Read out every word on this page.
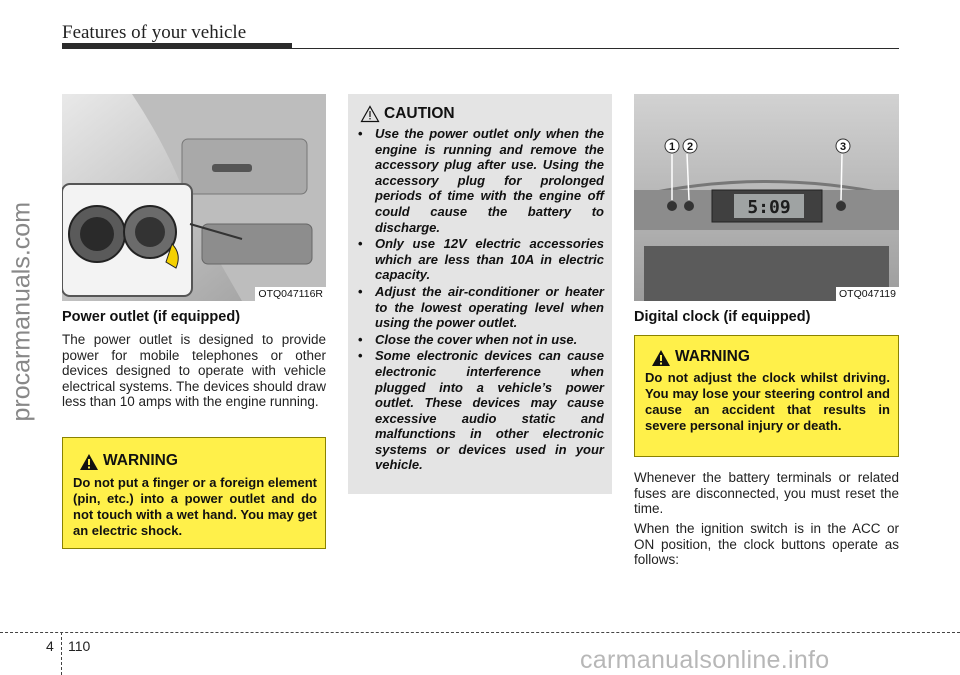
Features of your vehicle
procarmanuals.com	OTQ047116R
Power outlet (if equipped)
The power outlet is designed to provide power for mobile telephones or other devices designed to operate with vehicle electrical systems. The devices should draw less than 10 amps with the engine running.
WARNING
Do not put a finger or a foreign element (pin, etc.) into a power outlet and do not touch with a wet hand. You may get an electric shock.
CAUTION
• Use the power outlet only when the engine is running and remove the accessory plug after use. Using the accessory plug for prolonged periods of time with the engine off could cause the battery to discharge.
• Only use 12V electric accessories which are less than 10A in electric capacity.
• Adjust the air-conditioner or heater to the lowest operating level when using the power outlet.
• Close the cover when not in use.
• Some electronic devices can cause electronic interference when plugged into a vehicle’s power outlet. These devices may cause excessive audio static and malfunctions in other electronic systems or devices used in your vehicle.
5:09
1 2	3
OTQ047119
Digital clock (if equipped)
WARNING
Do not adjust the clock whilst driving. You may lose your steering control and cause an accident that results in severe personal injury or death.
Whenever the battery terminals or related fuses are disconnected, you must reset the time.
When the ignition switch is in the ACC or ON position, the clock buttons operate as follows:
4 110	carmanualsonline.info
